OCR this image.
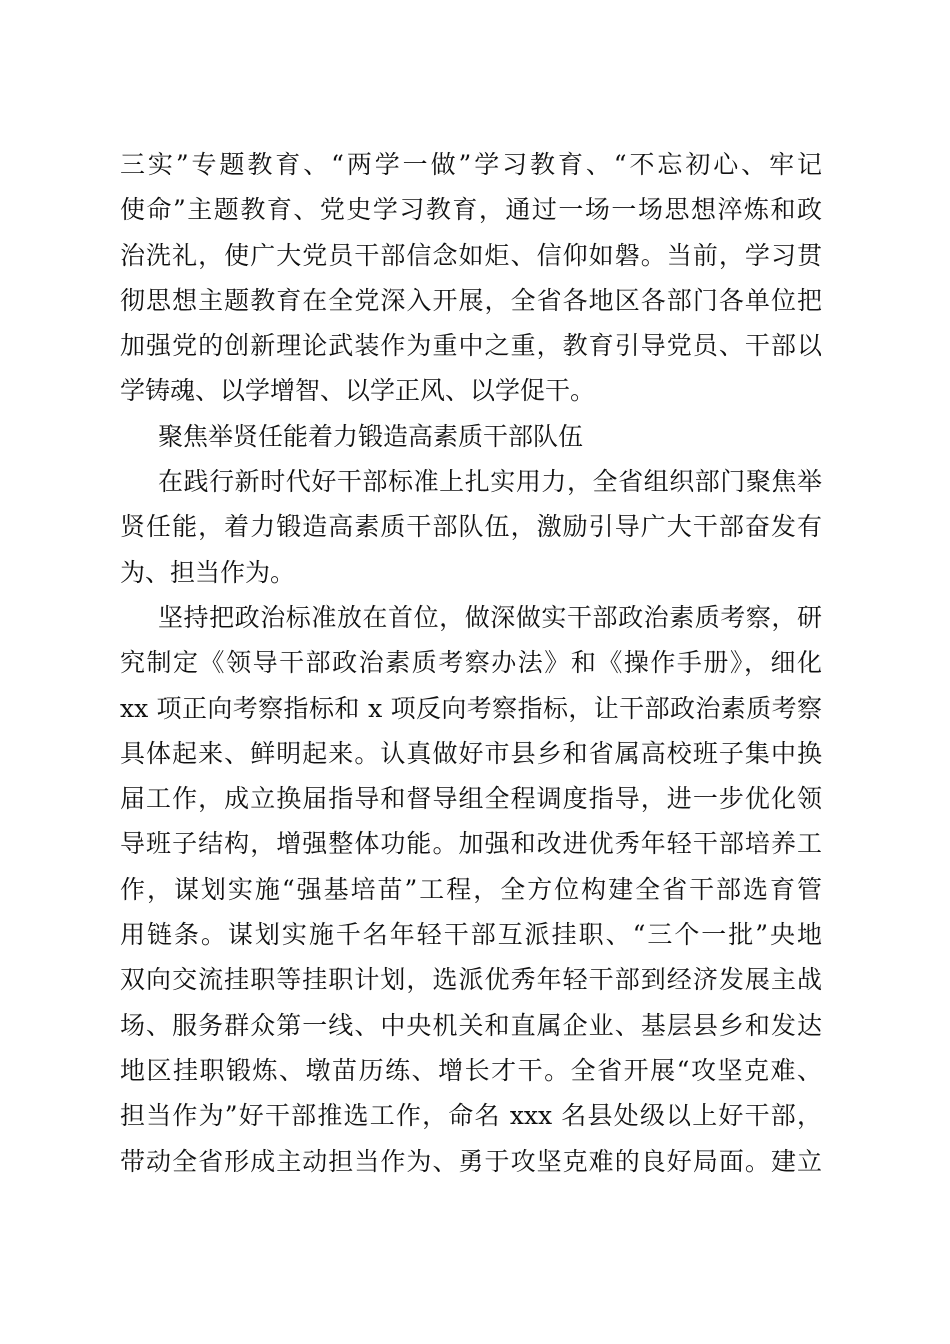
三实”专题教育、“两学一做”学习教育、“不忘初心、牢记
使命”主题教育、党史学习教育，通过一场一场思想淬炼和政
治洗礼，使广大党员干部信念如炬、信仰如磐。当前，学习贯
彻思想主题教育在全党深入开展，全省各地区各部门各单位把
加强党的创新理论武装作为重中之重，教育引导党员、干部以
学铸魂、以学增智、以学正风、以学促干。
聚焦举贤任能着力锻造高素质干部队伍
在践行新时代好干部标准上扎实用力，全省组织部门聚焦举
贤任能，着力锻造高素质干部队伍，激励引导广大干部奋发有
为、担当作为。
坚持把政治标准放在首位，做深做实干部政治素质考察，研
究制定《领导干部政治素质考察办法》和《操作手册》，细化
xx 项正向考察指标和 x 项反向考察指标，让干部政治素质考察
具体起来、鲜明起来。认真做好市县乡和省属高校班子集中换
届工作，成立换届指导和督导组全程调度指导，进一步优化领
导班子结构，增强整体功能。加强和改进优秀年轻干部培养工
作，谋划实施“强基培苗”工程，全方位构建全省干部选育管
用链条。谋划实施千名年轻干部互派挂职、“三个一批”央地
双向交流挂职等挂职计划，选派优秀年轻干部到经济发展主战
场、服务群众第一线、中央机关和直属企业、基层县乡和发达
地区挂职锻炼、墩苗历练、增长才干。全省开展“攻坚克难、
担当作为”好干部推选工作，命名 xxx 名县处级以上好干部，
带动全省形成主动担当作为、勇于攻坚克难的良好局面。建立
